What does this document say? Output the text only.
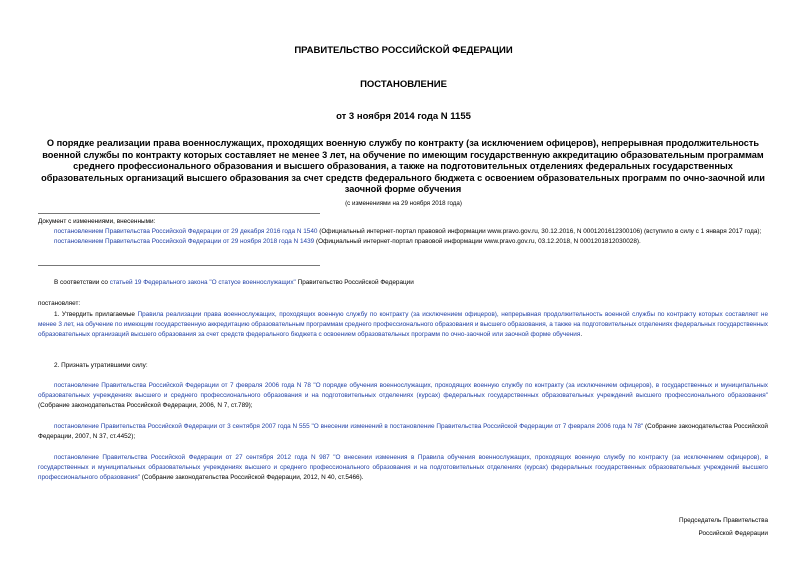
ПРАВИТЕЛЬСТВО РОССИЙСКОЙ ФЕДЕРАЦИИ
ПОСТАНОВЛЕНИЕ
от 3 ноября 2014 года N 1155
О порядке реализации права военнослужащих, проходящих военную службу по контракту (за исключением офицеров), непрерывная продолжительность военной службы по контракту которых составляет не менее 3 лет, на обучение по имеющим государственную аккредитацию образовательным программам среднего профессионального образования и высшего образования, а также на подготовительных отделениях федеральных государственных образовательных организаций высшего образования за счет средств федерального бюджета с освоением образовательных программ по очно-заочной или заочной форме обучения
(с изменениями на 29 ноября 2018 года)
Документ с изменениями, внесенными:
постановлением Правительства Российской Федерации от 29 декабря 2016 года N 1540 (Официальный интернет-портал правовой информации www.pravo.gov.ru, 30.12.2016, N 0001201612300106) (вступило в силу с 1 января 2017 года);
постановлением Правительства Российской Федерации от 29 ноября 2018 года N 1439 (Официальный интернет-портал правовой информации www.pravo.gov.ru, 03.12.2018, N 0001201812030028).
В соответствии со статьей 19 Федерального закона "О статусе военнослужащих" Правительство Российской Федерации
постановляет:
1. Утвердить прилагаемые Правила реализации права военнослужащих, проходящих военную службу по контракту (за исключением офицеров), непрерывная продолжительность военной службы по контракту которых составляет не менее 3 лет, на обучение по имеющим государственную аккредитацию образовательным программам среднего профессионального образования и высшего образования, а также на подготовительных отделениях федеральных государственных образовательных организаций высшего образования за счет средств федерального бюджета с освоением образовательных программ по очно-заочной или заочной форме обучения.
2. Признать утратившими силу:
постановление Правительства Российской Федерации от 7 февраля 2006 года N 78 "О порядке обучения военнослужащих, проходящих военную службу по контракту (за исключением офицеров), в государственных и муниципальных образовательных учреждениях высшего и среднего профессионального образования и на подготовительных отделениях (курсах) федеральных государственных образовательных учреждений высшего профессионального образования" (Собрание законодательства Российской Федерации, 2006, N 7, ст.789);
постановление Правительства Российской Федерации от 3 сентября 2007 года N 555 "О внесении изменений в постановление Правительства Российской Федерации от 7 февраля 2006 года N 78" (Собрание законодательства Российской Федерации, 2007, N 37, ст.4452);
постановление Правительства Российской Федерации от 27 сентября 2012 года N 987 "О внесении изменения в Правила обучения военнослужащих, проходящих военную службу по контракту (за исключением офицеров), в государственных и муниципальных образовательных учреждениях высшего и среднего профессионального образования и на подготовительных отделениях (курсах) федеральных государственных образовательных учреждений высшего профессионального образования" (Собрание законодательства Российской Федерации, 2012, N 40, ст.5466).
Председатель Правительства
Российской Федерации
